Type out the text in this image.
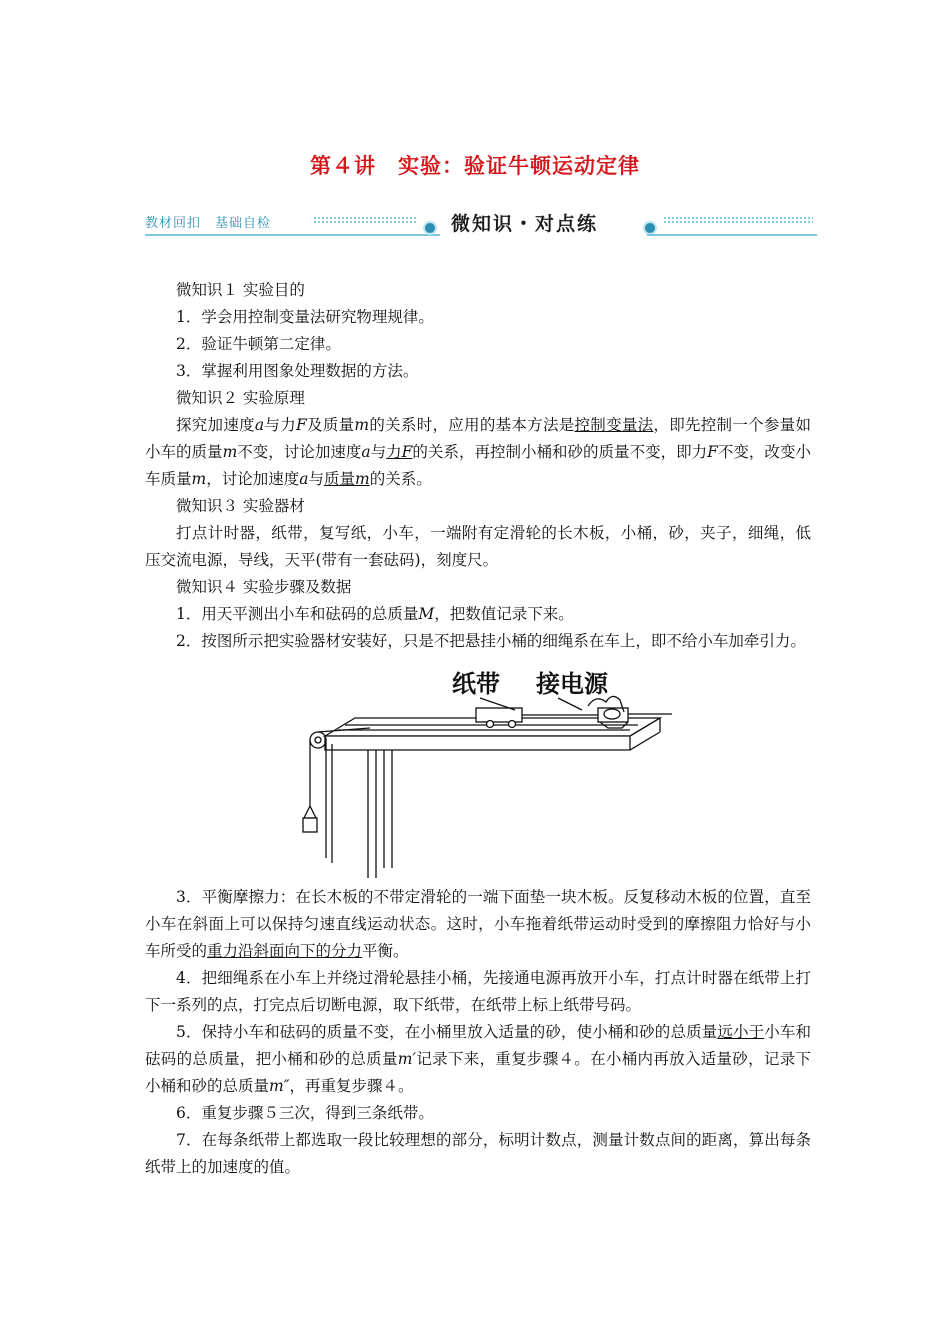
第４讲　实验：验证牛顿运动定律
教材回扣　基础自检	微知识・对点练

微知识１ 实验目的

1．学会用控制变量法研究物理规律。

2．验证牛顿第二定律。

3．掌握利用图象处理数据的方法。

微知识２ 实验原理

探究加速度a与力F及质量m的关系时，应用的基本方法是控制变量法，即先控制一个参量如小车的质量m不变，讨论加速度a与力F的关系，再控制小桶和砂的质量不变，即力F不变，改变小车质量m，讨论加速度a与质量m的关系。

微知识３ 实验器材

打点计时器，纸带，复写纸，小车，一端附有定滑轮的长木板，小桶，砂，夹子，细绳，低压交流电源，导线，天平(带有一套砝码)，刻度尺。

微知识４ 实验步骤及数据

1．用天平测出小车和砝码的总质量M，把数值记录下来。

2．按图所示把实验器材安装好，只是不把悬挂小桶的细绳系在车上，即不给小车加牵引力。

纸带 接电源

3．平衡摩擦力：在长木板的不带定滑轮的一端下面垫一块木板。反复移动木板的位置，直至小车在斜面上可以保持匀速直线运动状态。这时，小车拖着纸带运动时受到的摩擦阻力恰好与小车所受的重力沿斜面向下的分力平衡。

4．把细绳系在小车上并绕过滑轮悬挂小桶，先接通电源再放开小车，打点计时器在纸带上打下一系列的点，打完点后切断电源，取下纸带，在纸带上标上纸带号码。

5．保持小车和砝码的质量不变，在小桶里放入适量的砂，使小桶和砂的总质量远小于小车和砝码的总质量，把小桶和砂的总质量m′记录下来，重复步骤４。在小桶内再放入适量砂，记录下小桶和砂的总质量m″，再重复步骤４。

6．重复步骤５三次，得到三条纸带。

7．在每条纸带上都选取一段比较理想的部分，标明计数点，测量计数点间的距离，算出每条纸带上的加速度的值。
